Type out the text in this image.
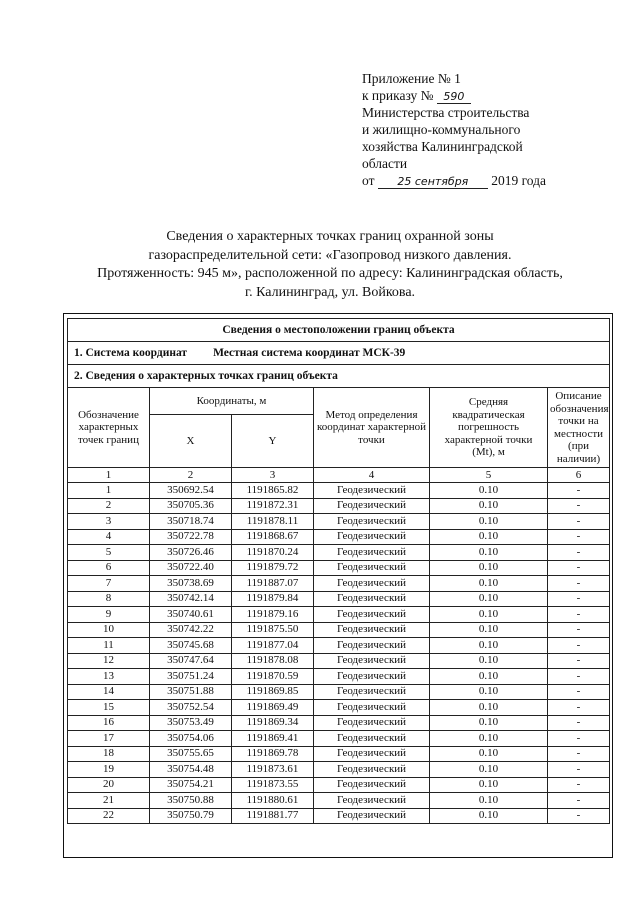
Приложение № 1
к приказу № 590
Министерства строительства
и жилищно-коммунального
хозяйства Калининградской
области
от 25 сентября 2019 года
Сведения о характерных точках границ охранной зоны
газораспределительной сети: «Газопровод низкого давления.
Протяженность: 945 м», расположенной по адресу: Калининградская область,
г. Калининград, ул. Войкова.
Сведения о местоположении границ объекта					
1. Система координат Местная система координат МСК-39					
2. Сведения о характерных точках границ объекта					
Обозначение характерных точек границ	Координаты, м		Метод определения координат характерной точки	Средняя квадратическая погрешность характерной точки (Mt), м	Описание обозначения точки на местности (при наличии)
	X	Y			
1	2	3	4	5	6
1	350692.54	1191865.82	Геодезический	0.10	-
2	350705.36	1191872.31	Геодезический	0.10	-
3	350718.74	1191878.11	Геодезический	0.10	-
4	350722.78	1191868.67	Геодезический	0.10	-
5	350726.46	1191870.24	Геодезический	0.10	-
6	350722.40	1191879.72	Геодезический	0.10	-
7	350738.69	1191887.07	Геодезический	0.10	-
8	350742.14	1191879.84	Геодезический	0.10	-
9	350740.61	1191879.16	Геодезический	0.10	-
10	350742.22	1191875.50	Геодезический	0.10	-
11	350745.68	1191877.04	Геодезический	0.10	-
12	350747.64	1191878.08	Геодезический	0.10	-
13	350751.24	1191870.59	Геодезический	0.10	-
14	350751.88	1191869.85	Геодезический	0.10	-
15	350752.54	1191869.49	Геодезический	0.10	-
16	350753.49	1191869.34	Геодезический	0.10	-
17	350754.06	1191869.41	Геодезический	0.10	-
18	350755.65	1191869.78	Геодезический	0.10	-
19	350754.48	1191873.61	Геодезический	0.10	-
20	350754.21	1191873.55	Геодезический	0.10	-
21	350750.88	1191880.61	Геодезический	0.10	-
22	350750.79	1191881.77	Геодезический	0.10	-
